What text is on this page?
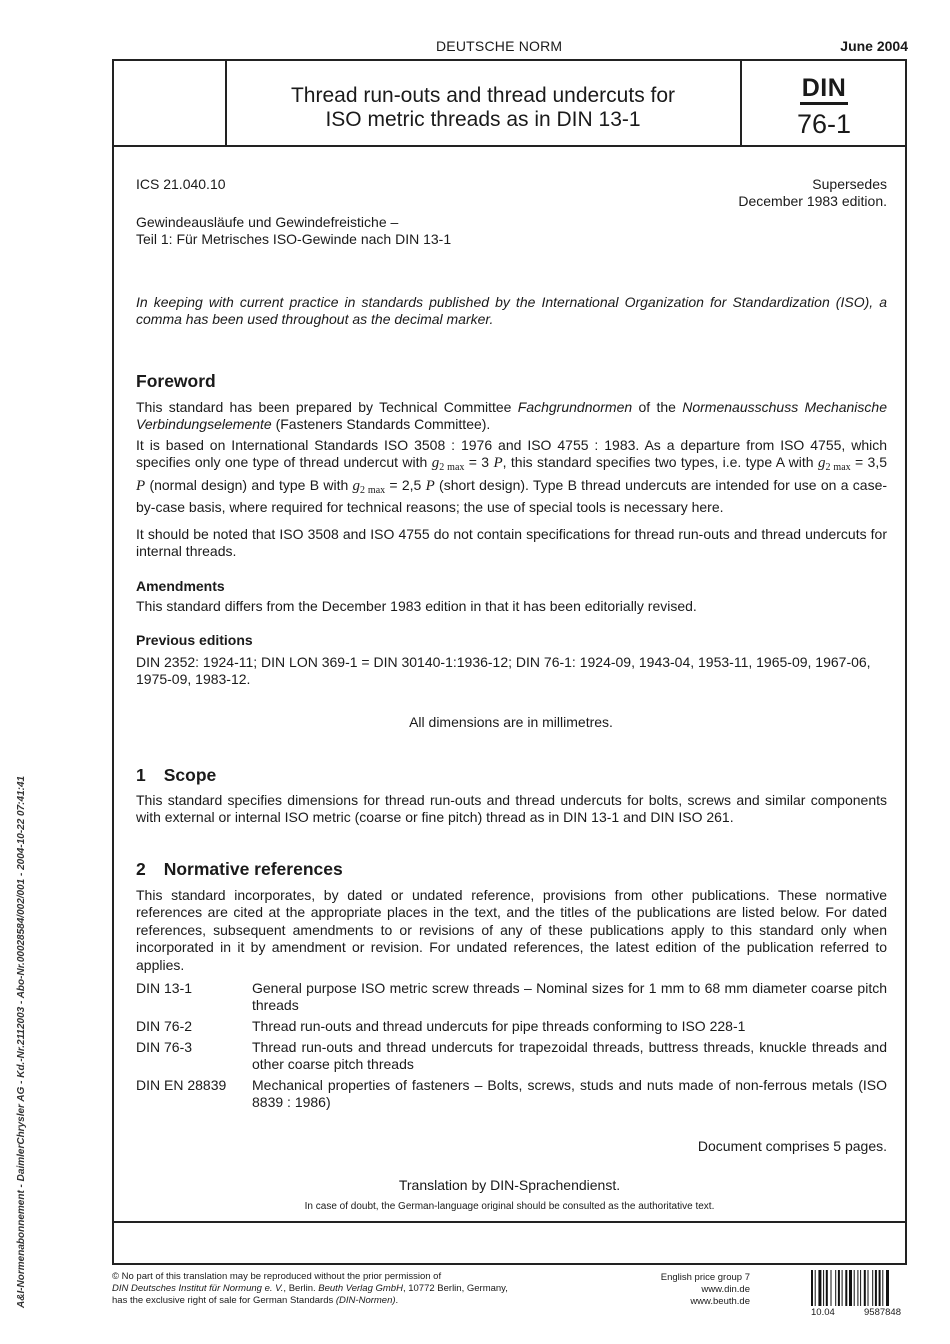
DEUTSCHE NORM	June 2004
Thread run-outs and thread undercuts for
ISO metric threads as in DIN 13-1
DIN
76-1
ICS 21.040.10	Supersedes
December 1983 edition.
Gewindeausläufe und Gewindefreistiche –
Teil 1: Für Metrisches ISO-Gewinde nach DIN 13-1
In keeping with current practice in standards published by the International Organization for Standardization (ISO), a comma has been used throughout as the decimal marker.
Foreword
This standard has been prepared by Technical Committee Fachgrundnormen of the Normenausschuss Mechanische Verbindungselemente (Fasteners Standards Committee).
It is based on International Standards ISO 3508 : 1976 and ISO 4755 : 1983. As a departure from ISO 4755, which specifies only one type of thread undercut with $g_{2 max} = 3$ P, this standard specifies two types, i.e. type A with $g_{2 max} = 3,5$ P (normal design) and type B with $g_{2 max} = 2,5$ P (short design). Type B thread undercuts are intended for use on a case-by-case basis, where required for technical reasons; the use of special tools is necessary here.
It should be noted that ISO 3508 and ISO 4755 do not contain specifications for thread run-outs and thread undercuts for internal threads.
Amendments
This standard differs from the December 1983 edition in that it has been editorially revised.
Previous editions
DIN 2352: 1924-11; DIN LON 369-1 = DIN 30140-1:1936-12; DIN 76-1: 1924-09, 1943-04, 1953-11, 1965-09, 1967-06, 1975-09, 1983-12.
All dimensions are in millimetres.
1 Scope
This standard specifies dimensions for thread run-outs and thread undercuts for bolts, screws and similar components with external or internal ISO metric (coarse or fine pitch) thread as in DIN 13-1 and DIN ISO 261.
2 Normative references
This standard incorporates, by dated or undated reference, provisions from other publications. These normative references are cited at the appropriate places in the text, and the titles of the publications are listed below. For dated references, subsequent amendments to or revisions of any of these publications apply to this standard only when incorporated in it by amendment or revision. For undated references, the latest edition of the publication referred to applies.
DIN 13-1	General purpose ISO metric screw threads – Nominal sizes for 1 mm to 68 mm diameter coarse pitch threads
DIN 76-2	Thread run-outs and thread undercuts for pipe threads conforming to ISO 228-1
DIN 76-3	Thread run-outs and thread undercuts for trapezoidal threads, buttress threads, knuckle threads and other coarse pitch threads
DIN EN 28839	Mechanical properties of fasteners – Bolts, screws, studs and nuts made of non-ferrous metals (ISO 8839 : 1986)
Document comprises 5 pages.
Translation by DIN-Sprachendienst.
In case of doubt, the German-language original should be consulted as the authoritative text.
© No part of this translation may be reproduced without the prior permission of
DIN Deutsches Institut für Normung e. V., Berlin. Beuth Verlag GmbH, 10772 Berlin, Germany,
has the exclusive right of sale for German Standards (DIN-Normen).
English price group 7
www.din.de
www.beuth.de
10.04	9587848
A&I-Normenabonnement - DaimlerChrysler AG - Kd.-Nr.2112003 - Abo-Nr.00028584/002/001 - 2004-10-22 07:41:41
